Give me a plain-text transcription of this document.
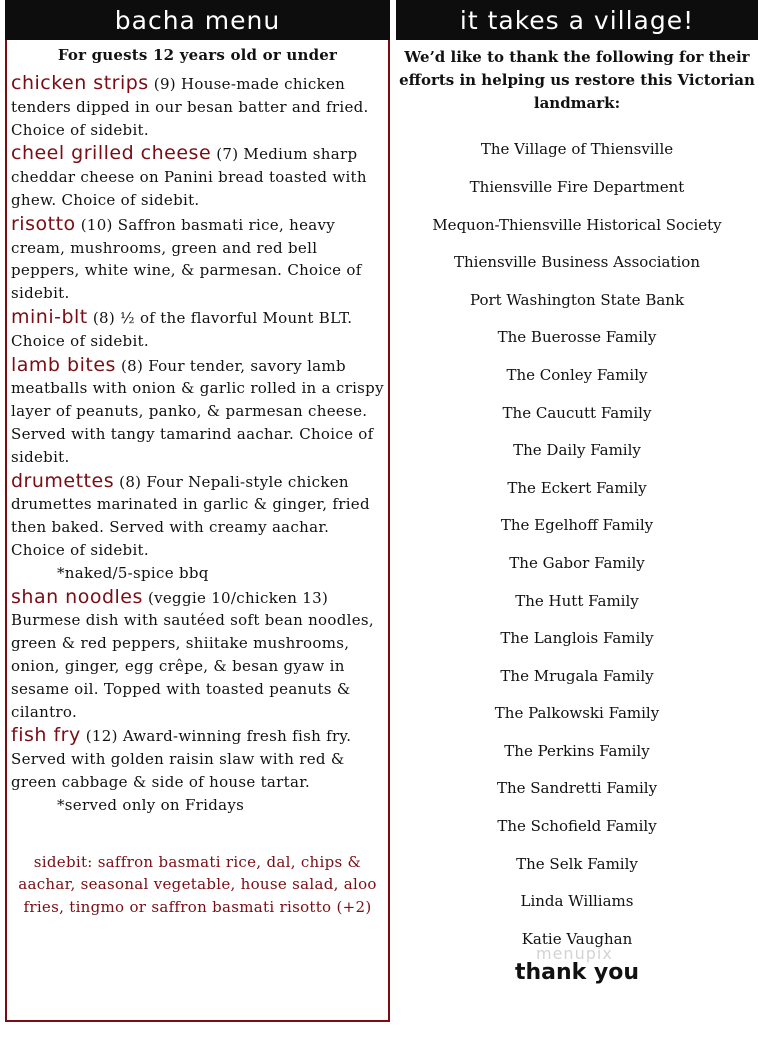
bacha menu
For guests 12 years old or under
chicken strips (9) House-made chicken tenders dipped in our besan batter and fried. Choice of sidebit.
cheel grilled cheese (7) Medium sharp cheddar cheese on Panini bread toasted with ghew. Choice of sidebit.
risotto (10) Saffron basmati rice, heavy cream, mushrooms, green and red bell peppers, white wine, & parmesan. Choice of sidebit.
mini-blt (8) ½ of the flavorful Mount BLT. Choice of sidebit.
lamb bites (8) Four tender, savory lamb meatballs with onion & garlic rolled in a crispy layer of peanuts, panko, & parmesan cheese. Served with tangy tamarind aachar. Choice of sidebit.
drumettes (8) Four Nepali-style chicken drumettes marinated in garlic & ginger, fried then baked. Served with creamy aachar. Choice of sidebit.
*naked/5-spice bbq
shan noodles (veggie 10/chicken 13) Burmese dish with sautéed soft bean noodles, green & red peppers, shiitake mushrooms, onion, ginger, egg crêpe, & besan gyaw in sesame oil. Topped with toasted peanuts & cilantro.
fish fry (12) Award-winning fresh fish fry. Served with golden raisin slaw with red & green cabbage & side of house tartar.
*served only on Fridays
sidebit: saffron basmati rice, dal, chips & aachar, seasonal vegetable, house salad, aloo fries, tingmo or saffron basmati risotto (+2)
it takes a village!
We’d like to thank the following for their efforts in helping us restore this Victorian landmark:
The Village of Thiensville
Thiensville Fire Department
Mequon-Thiensville Historical Society
Thiensville Business Association
Port Washington State Bank
The Buerosse Family
The Conley Family
The Caucutt Family
The Daily Family
The Eckert Family
The Egelhoff Family
The Gabor Family
The Hutt Family
The Langlois Family
The Mrugala Family
The Palkowski Family
The Perkins Family
The Sandretti Family
The Schofield Family
The Selk Family
Linda Williams
Katie Vaughan
thank you
menupix
